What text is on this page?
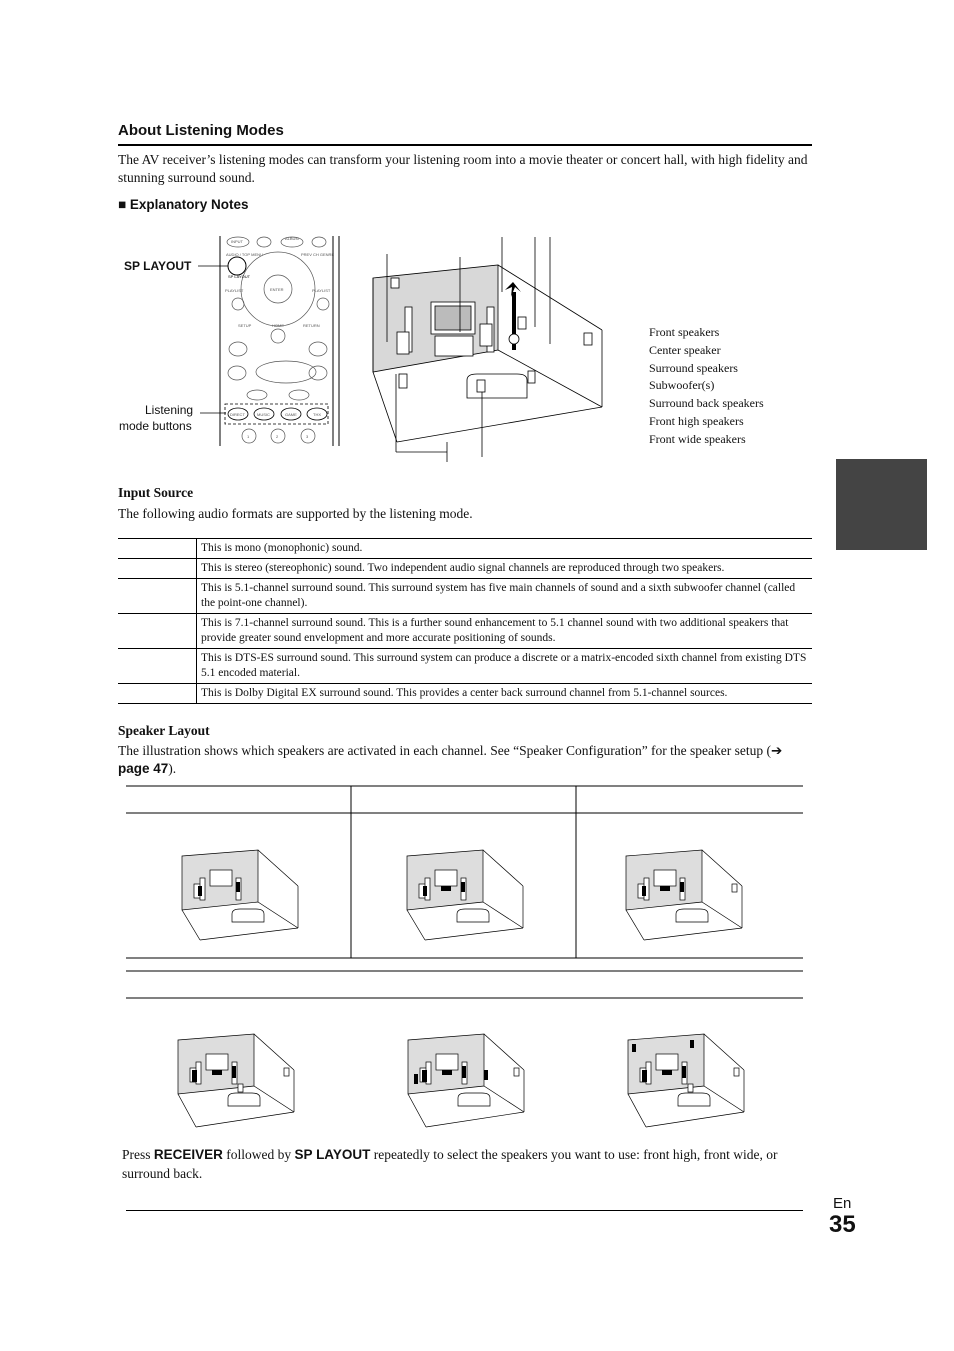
About Listening Modes
The AV receiver’s listening modes can transform your listening room into a movie theater or concert hall, with high fidelity and stunning surround sound.
■ Explanatory Notes
INPUT
ALBUM
AUDIO / TOP MENU	PREV CH GENRE
SP LAYOUT
ENTER
PLAYLIST	PLAYLIST
SETUP	HOME	RETURN
DIRECT	MUSIC	GAME	THX
1	2	3
SP LAYOUT
Listening
mode buttons
Front speakers
Center speaker
Surround speakers
Subwoofer(s)
Surround back speakers
Front high speakers
Front wide speakers
Input Source
The following audio formats are supported by the listening mode.
	This is mono (monophonic) sound.
	This is stereo (stereophonic) sound. Two independent audio signal channels are reproduced through two speakers.
	This is 5.1-channel surround sound. This surround system has five main channels of sound and a sixth subwoofer channel (called the point-one channel).
	This is 7.1-channel surround sound. This is a further sound enhancement to 5.1 channel sound with two additional speakers that provide greater sound envelopment and more accurate positioning of sounds.
	This is DTS-ES surround sound. This surround system can produce a discrete or a matrix-encoded sixth channel from existing DTS 5.1 encoded material.
	This is Dolby Digital EX surround sound. This provides a center back surround channel from 5.1-channel sources.
Speaker Layout
The illustration shows which speakers are activated in each channel. See “Speaker Configuration” for the speaker setup (➔ page 47).
Press RECEIVER followed by SP LAYOUT repeatedly to select the speakers you want to use: front high, front wide, or surround back.
En
35
